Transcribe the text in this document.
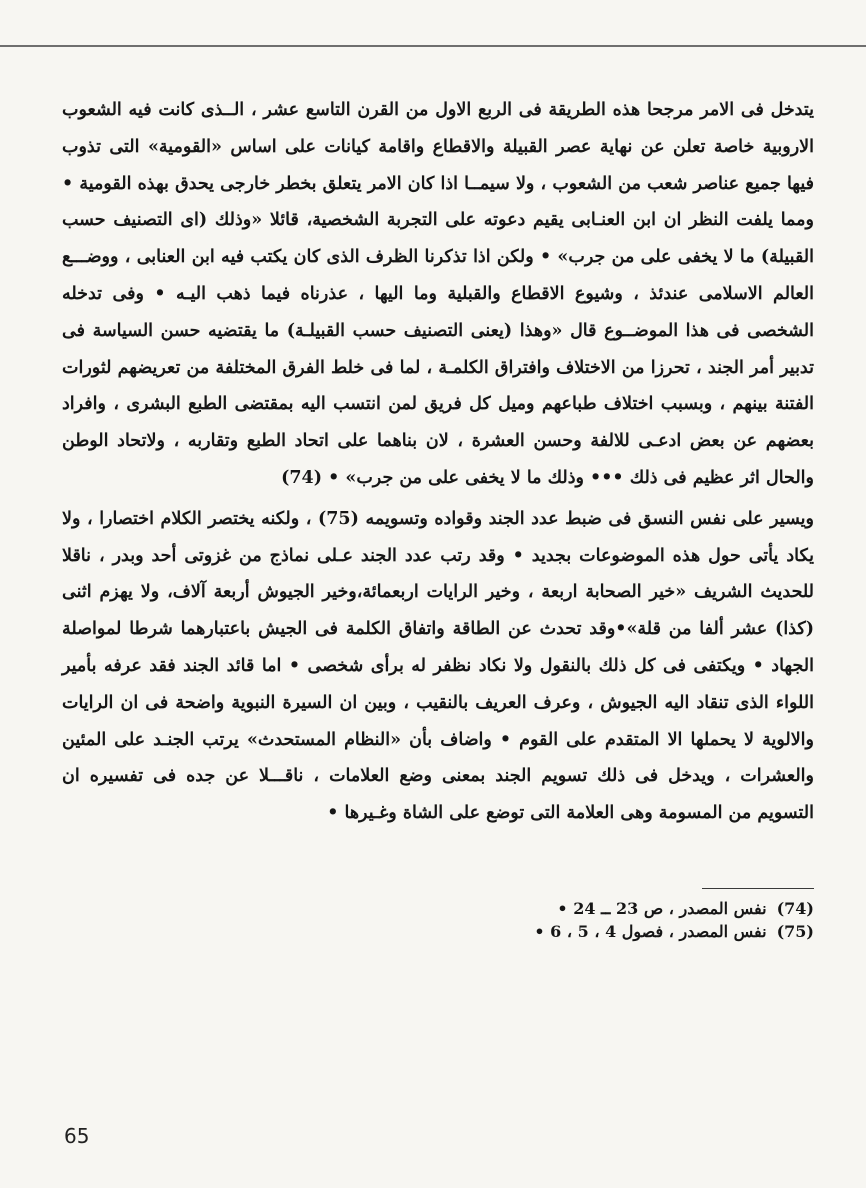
يتدخل فى الامر مرجحا هذه الطريقة فى الربع الاول من القرن التاسع عشر ، الــذى كانت فيه الشعوب الاروبية خاصة تعلن عن نهاية عصر القبيلة والاقطاع واقامة كيانات على اساس «القومية» التى تذوب فيها جميع عناصر شعب من الشعوب ، ولا سيمــا اذا كان الامر يتعلق بخطر خارجى يحدق بهذه القومية • ومما يلفت النظر ان ابن العنـابى يقيم دعوته على التجربة الشخصية، قائلا «وذلك (اى التصنيف حسب القبيلة) ما لا يخفى على من جرب» • ولكن اذا تذكرنا الظرف الذى كان يكتب فيه ابن العنابى ، ووضـــع العالم الاسلامى عندئذ ، وشيوع الاقطاع والقبلية وما اليها ، عذرناه فيما ذهب اليـه • وفى تدخله الشخصى فى هذا الموضــوع قال «وهذا (يعنى التصنيف حسب القبيلـة) ما يقتضيه حسن السياسة فى تدبير أمر الجند ، تحرزا من الاختلاف وافتراق الكلمـة ، لما فى خلط الفرق المختلفة من تعريضهم لثورات الفتنة بينهم ، وبسبب اختلاف طباعهم وميل كل فريق لمن انتسب اليه بمقتضى الطبع البشرى ، وافراد بعضهم عن بعض ادعـى للالفة وحسن العشرة ، لان بناهما على اتحاد الطبع وتقاربه ، ولاتحاد الوطن والحال اثر عظيم فى ذلك ••• وذلك ما لا يخفى على من جرب» • (74)

ويسير على نفس النسق فى ضبط عدد الجند وقواده وتسويمه (75) ، ولكنه يختصر الكلام اختصارا ، ولا يكاد يأتى حول هذه الموضوعات بجديد • وقد رتب عدد الجند عـلى نماذج من غزوتى أحد وبدر ، ناقلا للحديث الشريف «خير الصحابة اربعة ، وخير الرايات اربعمائة،وخير الجيوش أربعة آلاف، ولا يهزم اثنى (كذا) عشر ألفا من قلة»•وقد تحدث عن الطاقة واتفاق الكلمة فى الجيش باعتبارهما شرطا لمواصلة الجهاد • ويكتفى فى كل ذلك بالنقول ولا نكاد نظفر له برأى شخصى • اما قائد الجند فقد عرفه بأمير اللواء الذى تنقاد اليه الجيوش ، وعرف العريف بالنقيب ، وبين ان السيرة النبوية واضحة فى ان الرايات والالوية لا يحملها الا المتقدم على القوم • واضاف بأن «النظام المستحدث» يرتب الجنـد على المئين والعشرات ، ويدخل فى ذلك تسويم الجند بمعنى وضع العلامات ، ناقـــلا عن جده فى تفسيره ان التسويم من المسومة وهى العلامة التى توضع على الشاة وغـيرها •

(74)نفس المصدر ، ص 23 ــ 24 •
(75)نفس المصدر ، فصول 4 ، 5 ، 6 •
65
